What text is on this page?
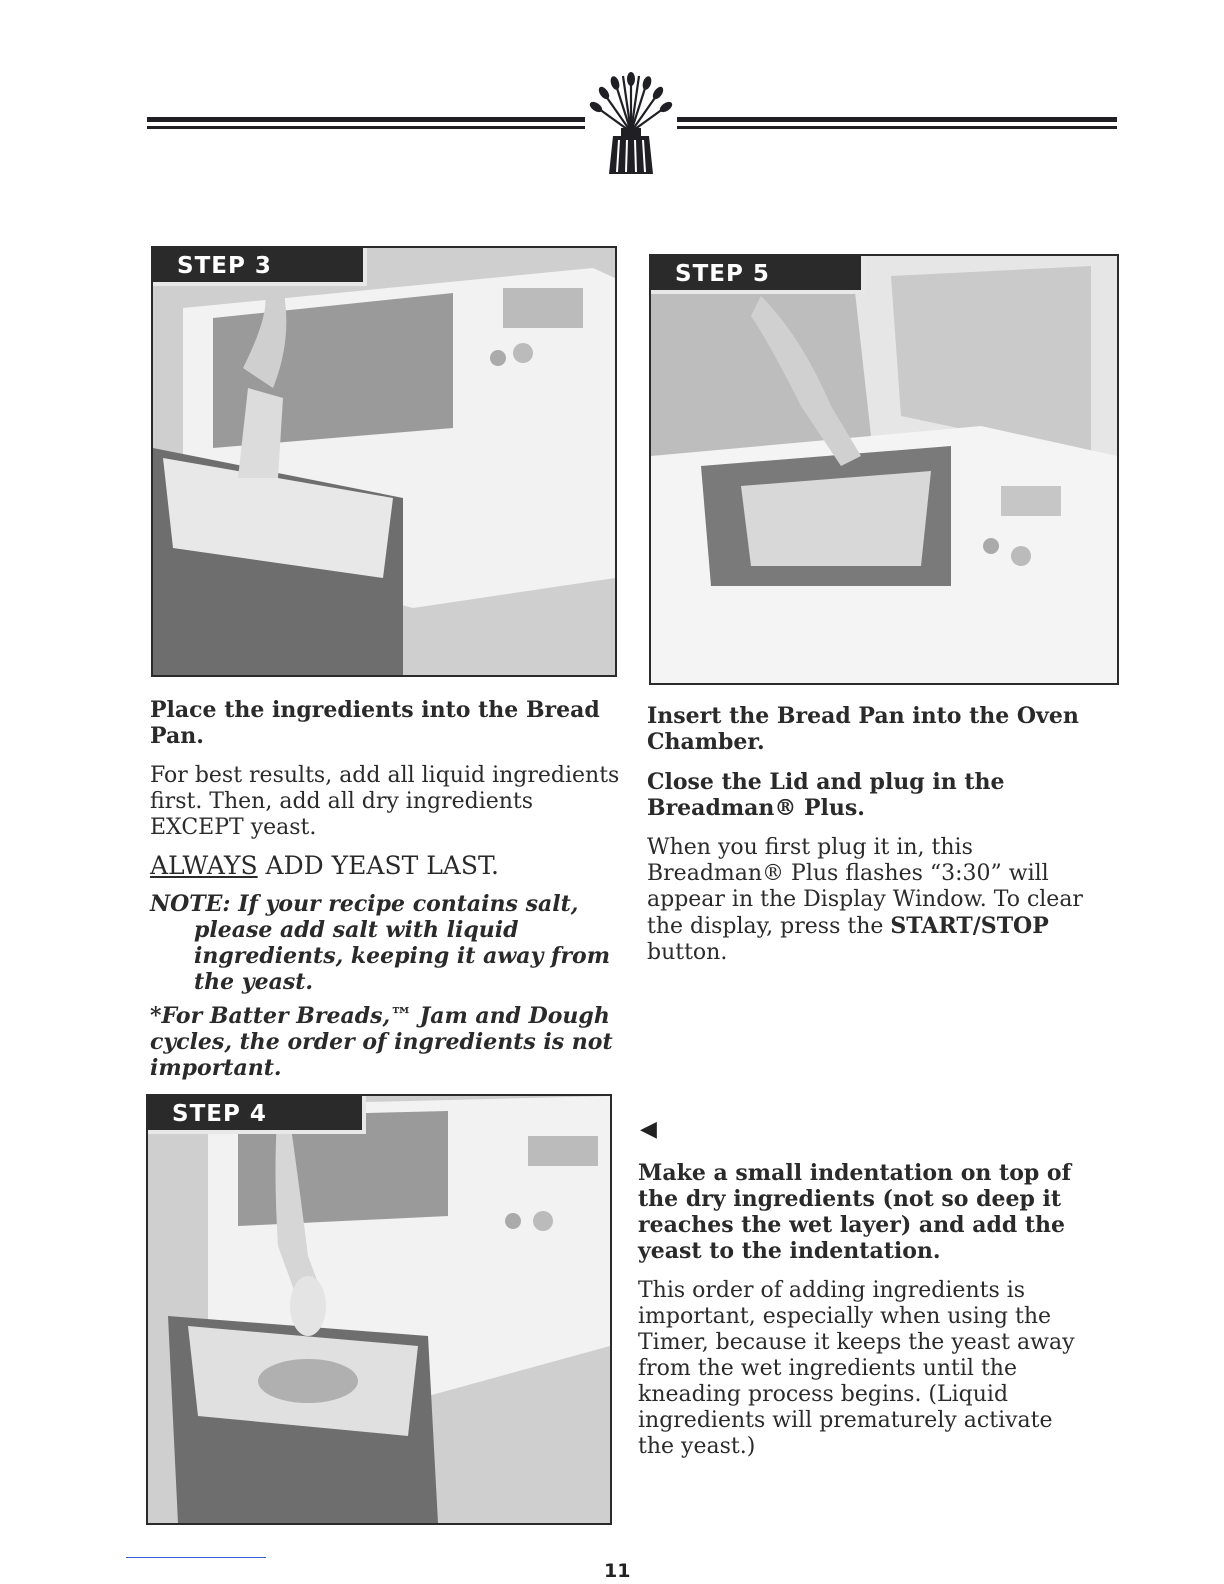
STEP 3	STEP 5
STEP 4

Place the ingredients into the Bread Pan.

For best results, add all liquid ingredients first. Then, add all dry ingredients EXCEPT yeast.

ALWAYS ADD YEAST LAST.

NOTE: If your recipe contains salt, please add salt with liquid ingredients, keeping it away from the yeast.

*For Batter Breads,™ Jam and Dough cycles, the order of ingredients is not important.

Insert the Bread Pan into the Oven Chamber.

Close the Lid and plug in the Breadman® Plus.

When you first plug it in, this Breadman® Plus flashes “3:30” will appear in the Display Window. To clear the display, press the START/STOP button.

◀

Make a small indentation on top of the dry ingredients (not so deep it reaches the wet layer) and add the yeast to the indentation.

This order of adding ingredients is important, especially when using the Timer, because it keeps the yeast away from the wet ingredients until the kneading process begins. (Liquid ingredients will prematurely activate the yeast.)

11
